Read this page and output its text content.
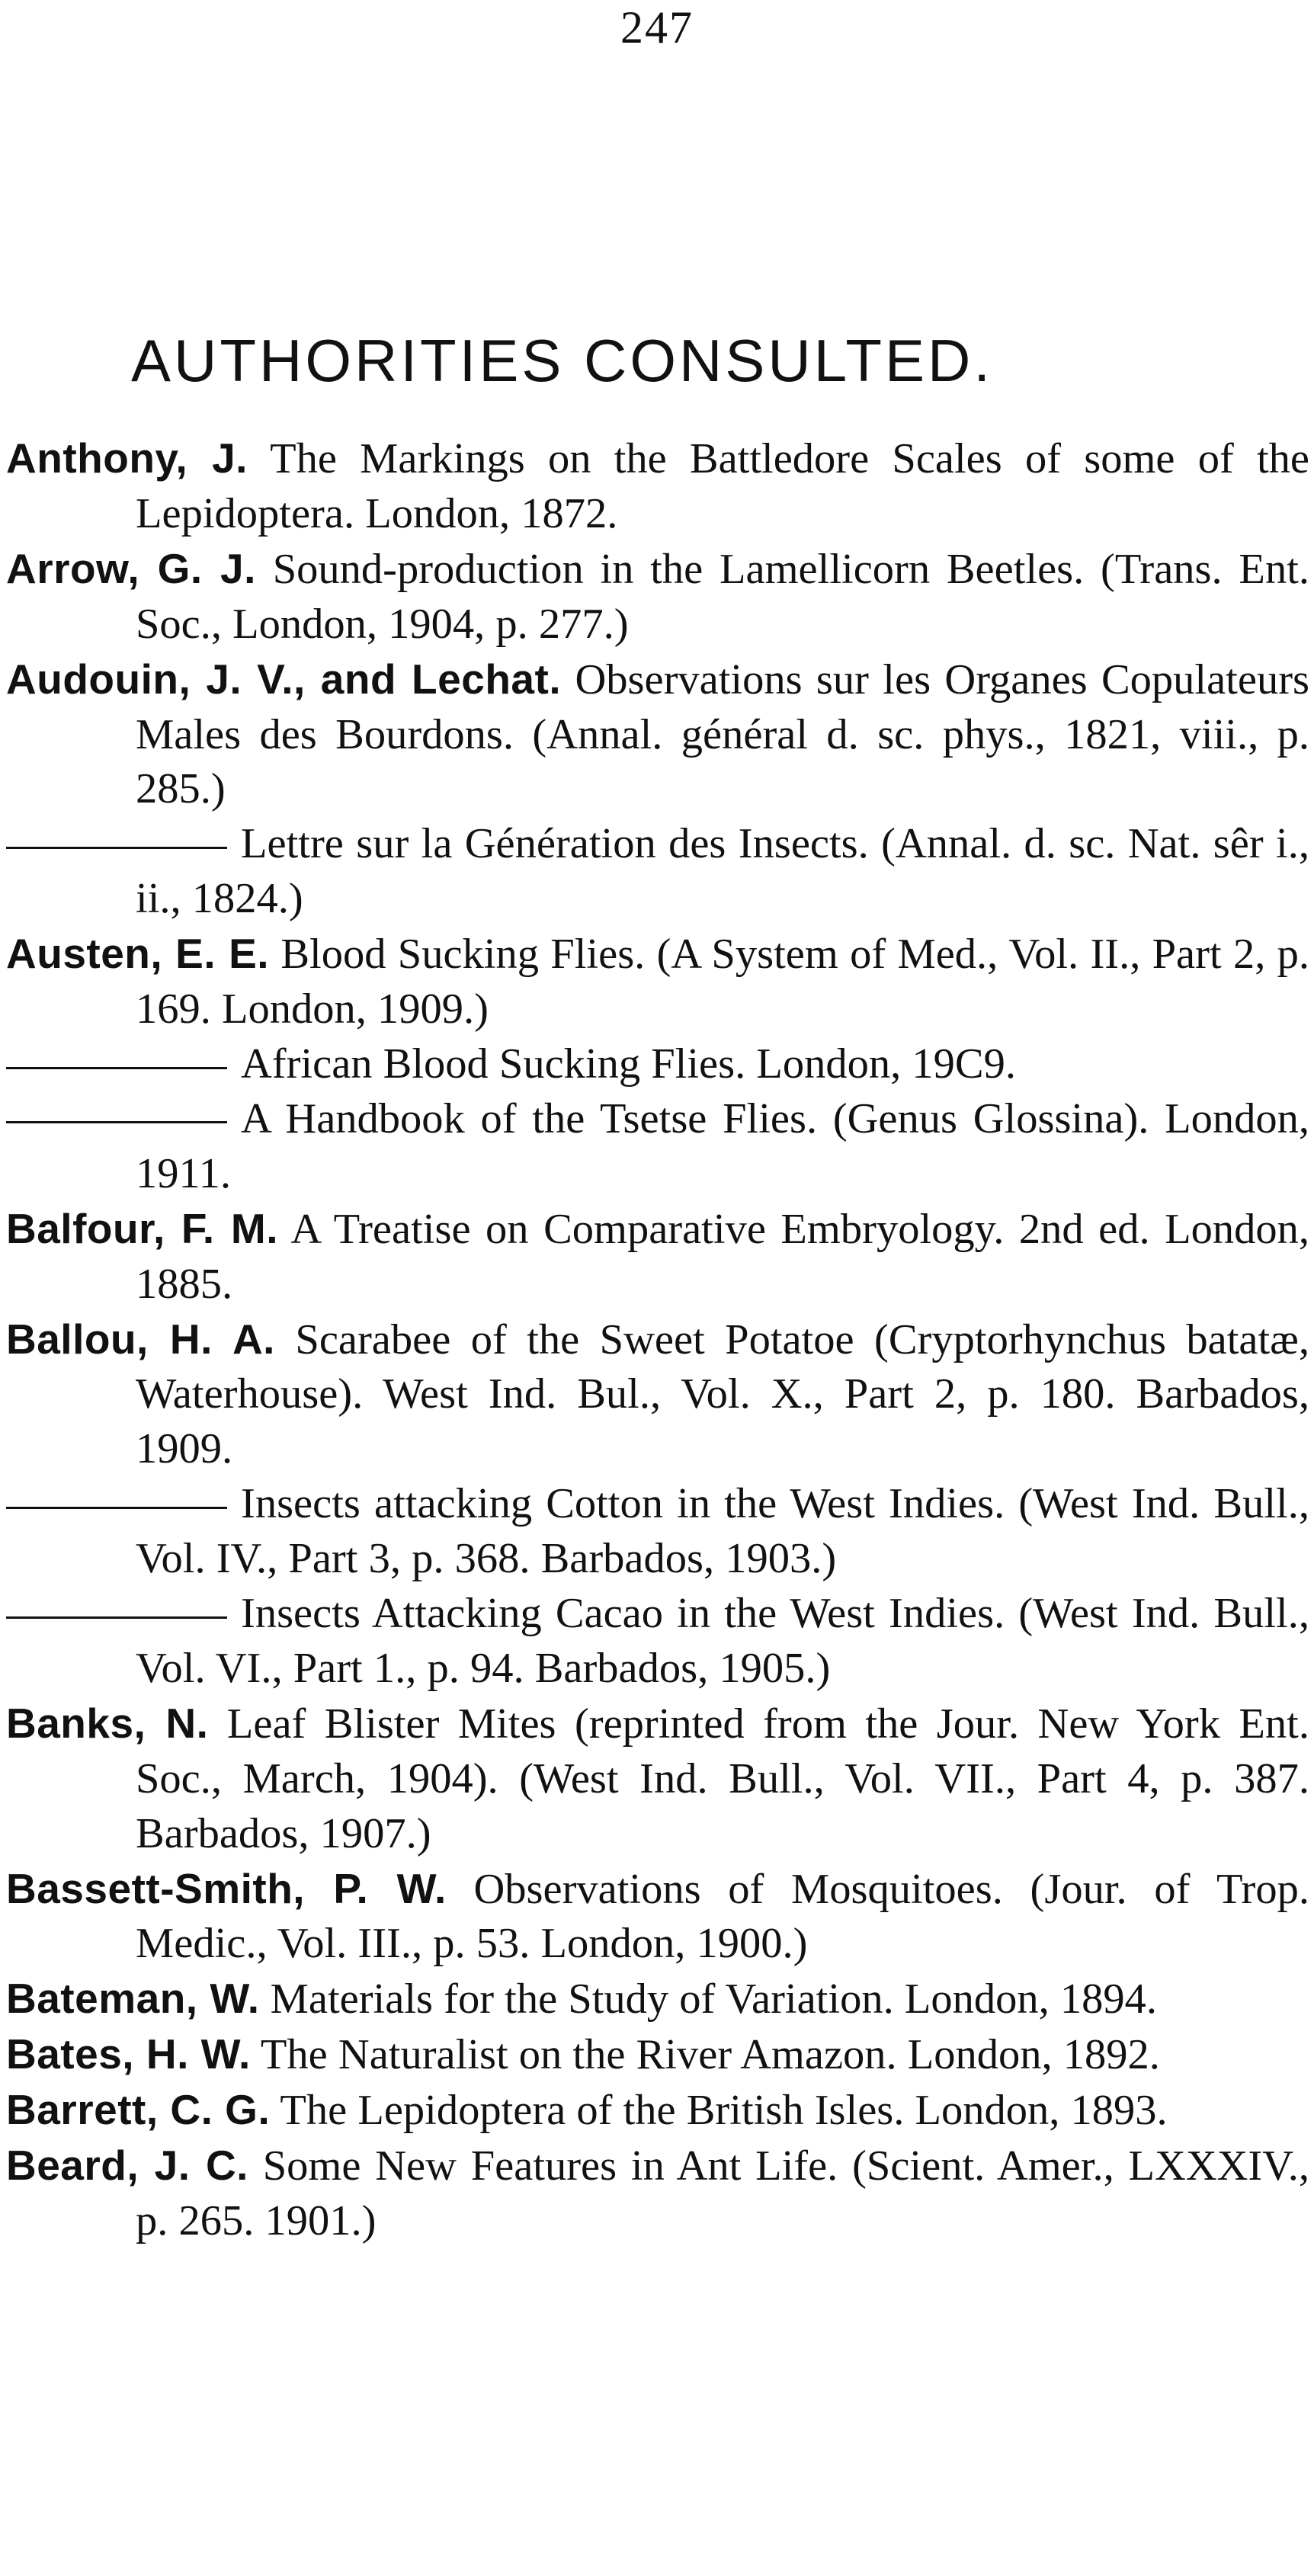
247
AUTHORITIES CONSULTED.

Anthony, J. The Markings on the Battledore Scales of some of the Lepidoptera. London, 1872.

Arrow, G. J. Sound-production in the Lamellicorn Beetles. (Trans. Ent. Soc., London, 1904, p. 277.)

Audouin, J. V., and Lechat. Observations sur les Organes Copulateurs Males des Bourdons. (Annal. général d. sc. phys., 1821, viii., p. 285.)

Lettre sur la Génération des Insects. (Annal. d. sc. Nat. sêr i., ii., 1824.)

Austen, E. E. Blood Sucking Flies. (A System of Med., Vol. II., Part 2, p. 169. London, 1909.)

African Blood Sucking Flies. London, 19C9.

A Handbook of the Tsetse Flies. (Genus Glossina). London, 1911.

Balfour, F. M. A Treatise on Comparative Embryology. 2nd ed. London, 1885.

Ballou, H. A. Scarabee of the Sweet Potatoe (Cryptorhynchus batatæ, Waterhouse). West Ind. Bul., Vol. X., Part 2, p. 180. Barbados, 1909.

Insects attacking Cotton in the West Indies. (West Ind. Bull., Vol. IV., Part 3, p. 368. Barbados, 1903.)

Insects Attacking Cacao in the West Indies. (West Ind. Bull., Vol. VI., Part 1., p. 94. Barbados, 1905.)

Banks, N. Leaf Blister Mites (reprinted from the Jour. New York Ent. Soc., March, 1904). (West Ind. Bull., Vol. VII., Part 4, p. 387. Barbados, 1907.)

Bassett-Smith, P. W. Observations of Mosquitoes. (Jour. of Trop. Medic., Vol. III., p. 53. London, 1900.)

Bateman, W. Materials for the Study of Variation. London, 1894.

Bates, H. W. The Naturalist on the River Amazon. London, 1892.

Barrett, C. G. The Lepidoptera of the British Isles. London, 1893.

Beard, J. C. Some New Features in Ant Life. (Scient. Amer., LXXXIV., p. 265. 1901.)
